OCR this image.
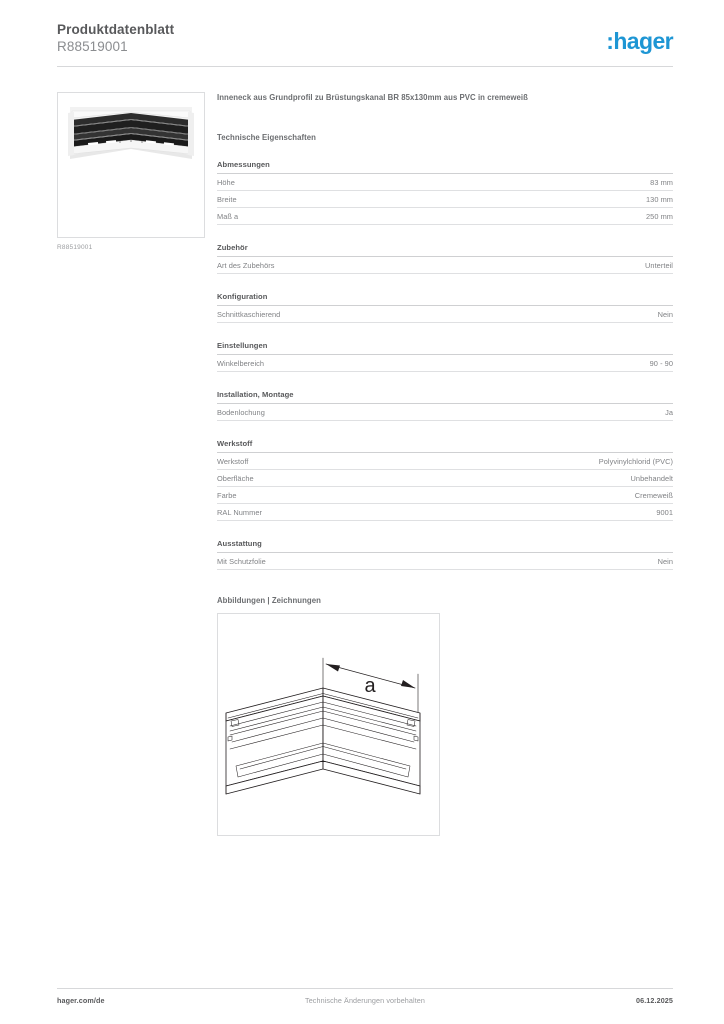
Produktdatenblatt
R88519001	:hager
R88519001
Inneneck aus Grundprofil zu Brüstungskanal BR 85x130mm aus PVC in cremeweiß
Technische Eigenschaften
Abmessungen
Höhe	83 mm
Breite	130 mm
Maß a	250 mm
Zubehör
Art des Zubehörs	Unterteil
Konfiguration
Schnittkaschierend	Nein
Einstellungen
Winkelbereich	90 - 90
Installation, Montage
Bodenlochung	Ja
Werkstoff
Werkstoff	Polyvinylchlorid (PVC)
Oberfläche	Unbehandelt
Farbe	Cremeweiß
RAL Nummer	9001
Ausstattung
Mit Schutzfolie	Nein
Abbildungen | Zeichnungen
a
hager.com/de	Technische Änderungen vorbehalten	06.12.2025
